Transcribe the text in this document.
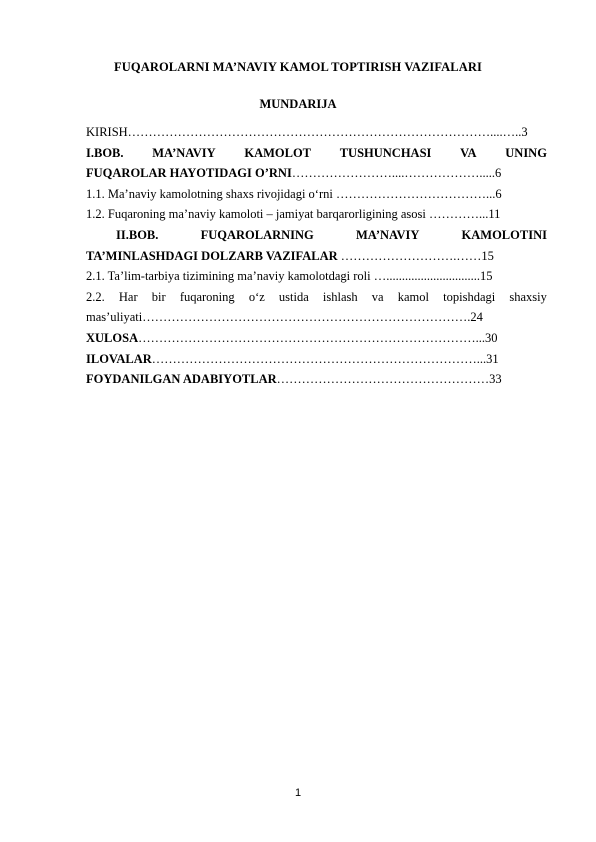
FUQAROLARNI MA’NAVIY KAMOL TOPTIRISH VAZIFALARI
MUNDARIJA
KIRISH……………………………………………………………………………....…..3
I.BOB. MA’NAVIY KAMOLOT TUSHUNCHASI VA UNING
FUQAROLAR HAYOTIDAGI O’RNI……………………....……………….....6
1.1. Ma’naviy kamolotning shaxs rivojidagi o‘rni ………………………………...6
1.2. Fuqaroning ma’naviy kamoloti – jamiyat barqarorligining asosi …………...11
II.BOB.	FUQAROLARNING	MA’NAVIY	KAMOLOTINI
TA’MINLASHDAGI DOLZARB VAZIFALAR ……………………….……15
2.1. Ta’lim-tarbiya tizimining ma’naviy kamolotdagi roli …..............................15
2.2. Har bir fuqaroning o‘z ustida ishlash va kamol topishdagi shaxsiy
mas’uliyati…………………………………………………………………….24
XULOSA………………………………………………………………………...30
ILOVALAR……………………………………………………………………...31
FOYDANILGAN ADABIYOTLAR……………………………………………33
1
